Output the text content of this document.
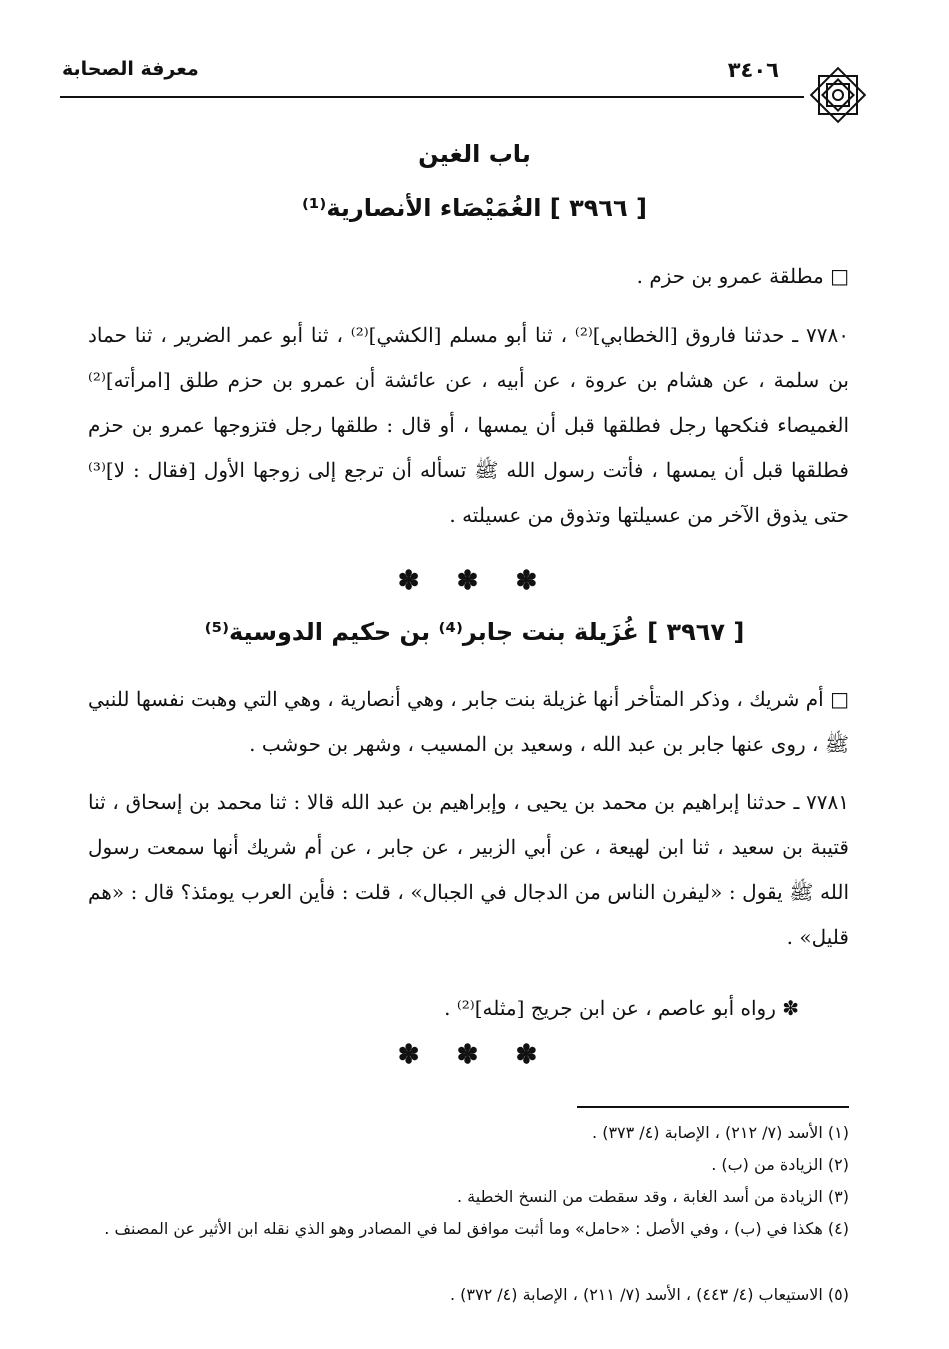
معرفة الصحابة	٣٤٠٦
باب الغين
[ ٣٩٦٦ ] الغُمَيْصَاء الأنصارية⁽¹⁾
□ مطلقة عمرو بن حزم .
٧٧٨٠ ـ حدثنا فاروق [الخطابي]⁽²⁾ ، ثنا أبو مسلم [الكشي]⁽²⁾ ، ثنا أبو عمر الضرير ، ثنا حماد بن سلمة ، عن هشام بن عروة ، عن أبيه ، عن عائشة أن عمرو بن حزم طلق [امرأته]⁽²⁾ الغميصاء فنكحها رجل فطلقها قبل أن يمسها ، أو قال : طلقها رجل فتزوجها عمرو بن حزم فطلقها قبل أن يمسها ، فأتت رسول الله ﷺ تسأله أن ترجع إلى زوجها الأول [فقال : لا]⁽³⁾ حتى يذوق الآخر من عسيلتها وتذوق من عسيلته .
✽ ✽ ✽
[ ٣٩٦٧ ] غُزَيلة بنت جابر⁽⁴⁾ بن حكيم الدوسية⁽⁵⁾
□ أم شريك ، وذكر المتأخر أنها غزيلة بنت جابر ، وهي أنصارية ، وهي التي وهبت نفسها للنبي ﷺ ، روى عنها جابر بن عبد الله ، وسعيد بن المسيب ، وشهر بن حوشب .
٧٧٨١ ـ حدثنا إبراهيم بن محمد بن يحيى ، وإبراهيم بن عبد الله قالا : ثنا محمد بن إسحاق ، ثنا قتيبة بن سعيد ، ثنا ابن لهيعة ، عن أبي الزبير ، عن جابر ، عن أم شريك أنها سمعت رسول الله ﷺ يقول : «ليفرن الناس من الدجال في الجبال» ، قلت : فأين العرب يومئذ؟ قال : «هم قليل» .
✽ رواه أبو عاصم ، عن ابن جريج [مثله]⁽²⁾ .
✽ ✽ ✽
(١) الأسد (٧/ ٢١٢) ، الإصابة (٤/ ٣٧٣) .
(٢) الزيادة من (ب) .
(٣) الزيادة من أسد الغابة ، وقد سقطت من النسخ الخطية .
(٤) هكذا في (ب) ، وفي الأصل : «حامل» وما أثبت موافق لما في المصادر وهو الذي نقله ابن الأثير عن المصنف .
(٥) الاستيعاب (٤/ ٤٤٣) ، الأسد (٧/ ٢١١) ، الإصابة (٤/ ٣٧٢) .
